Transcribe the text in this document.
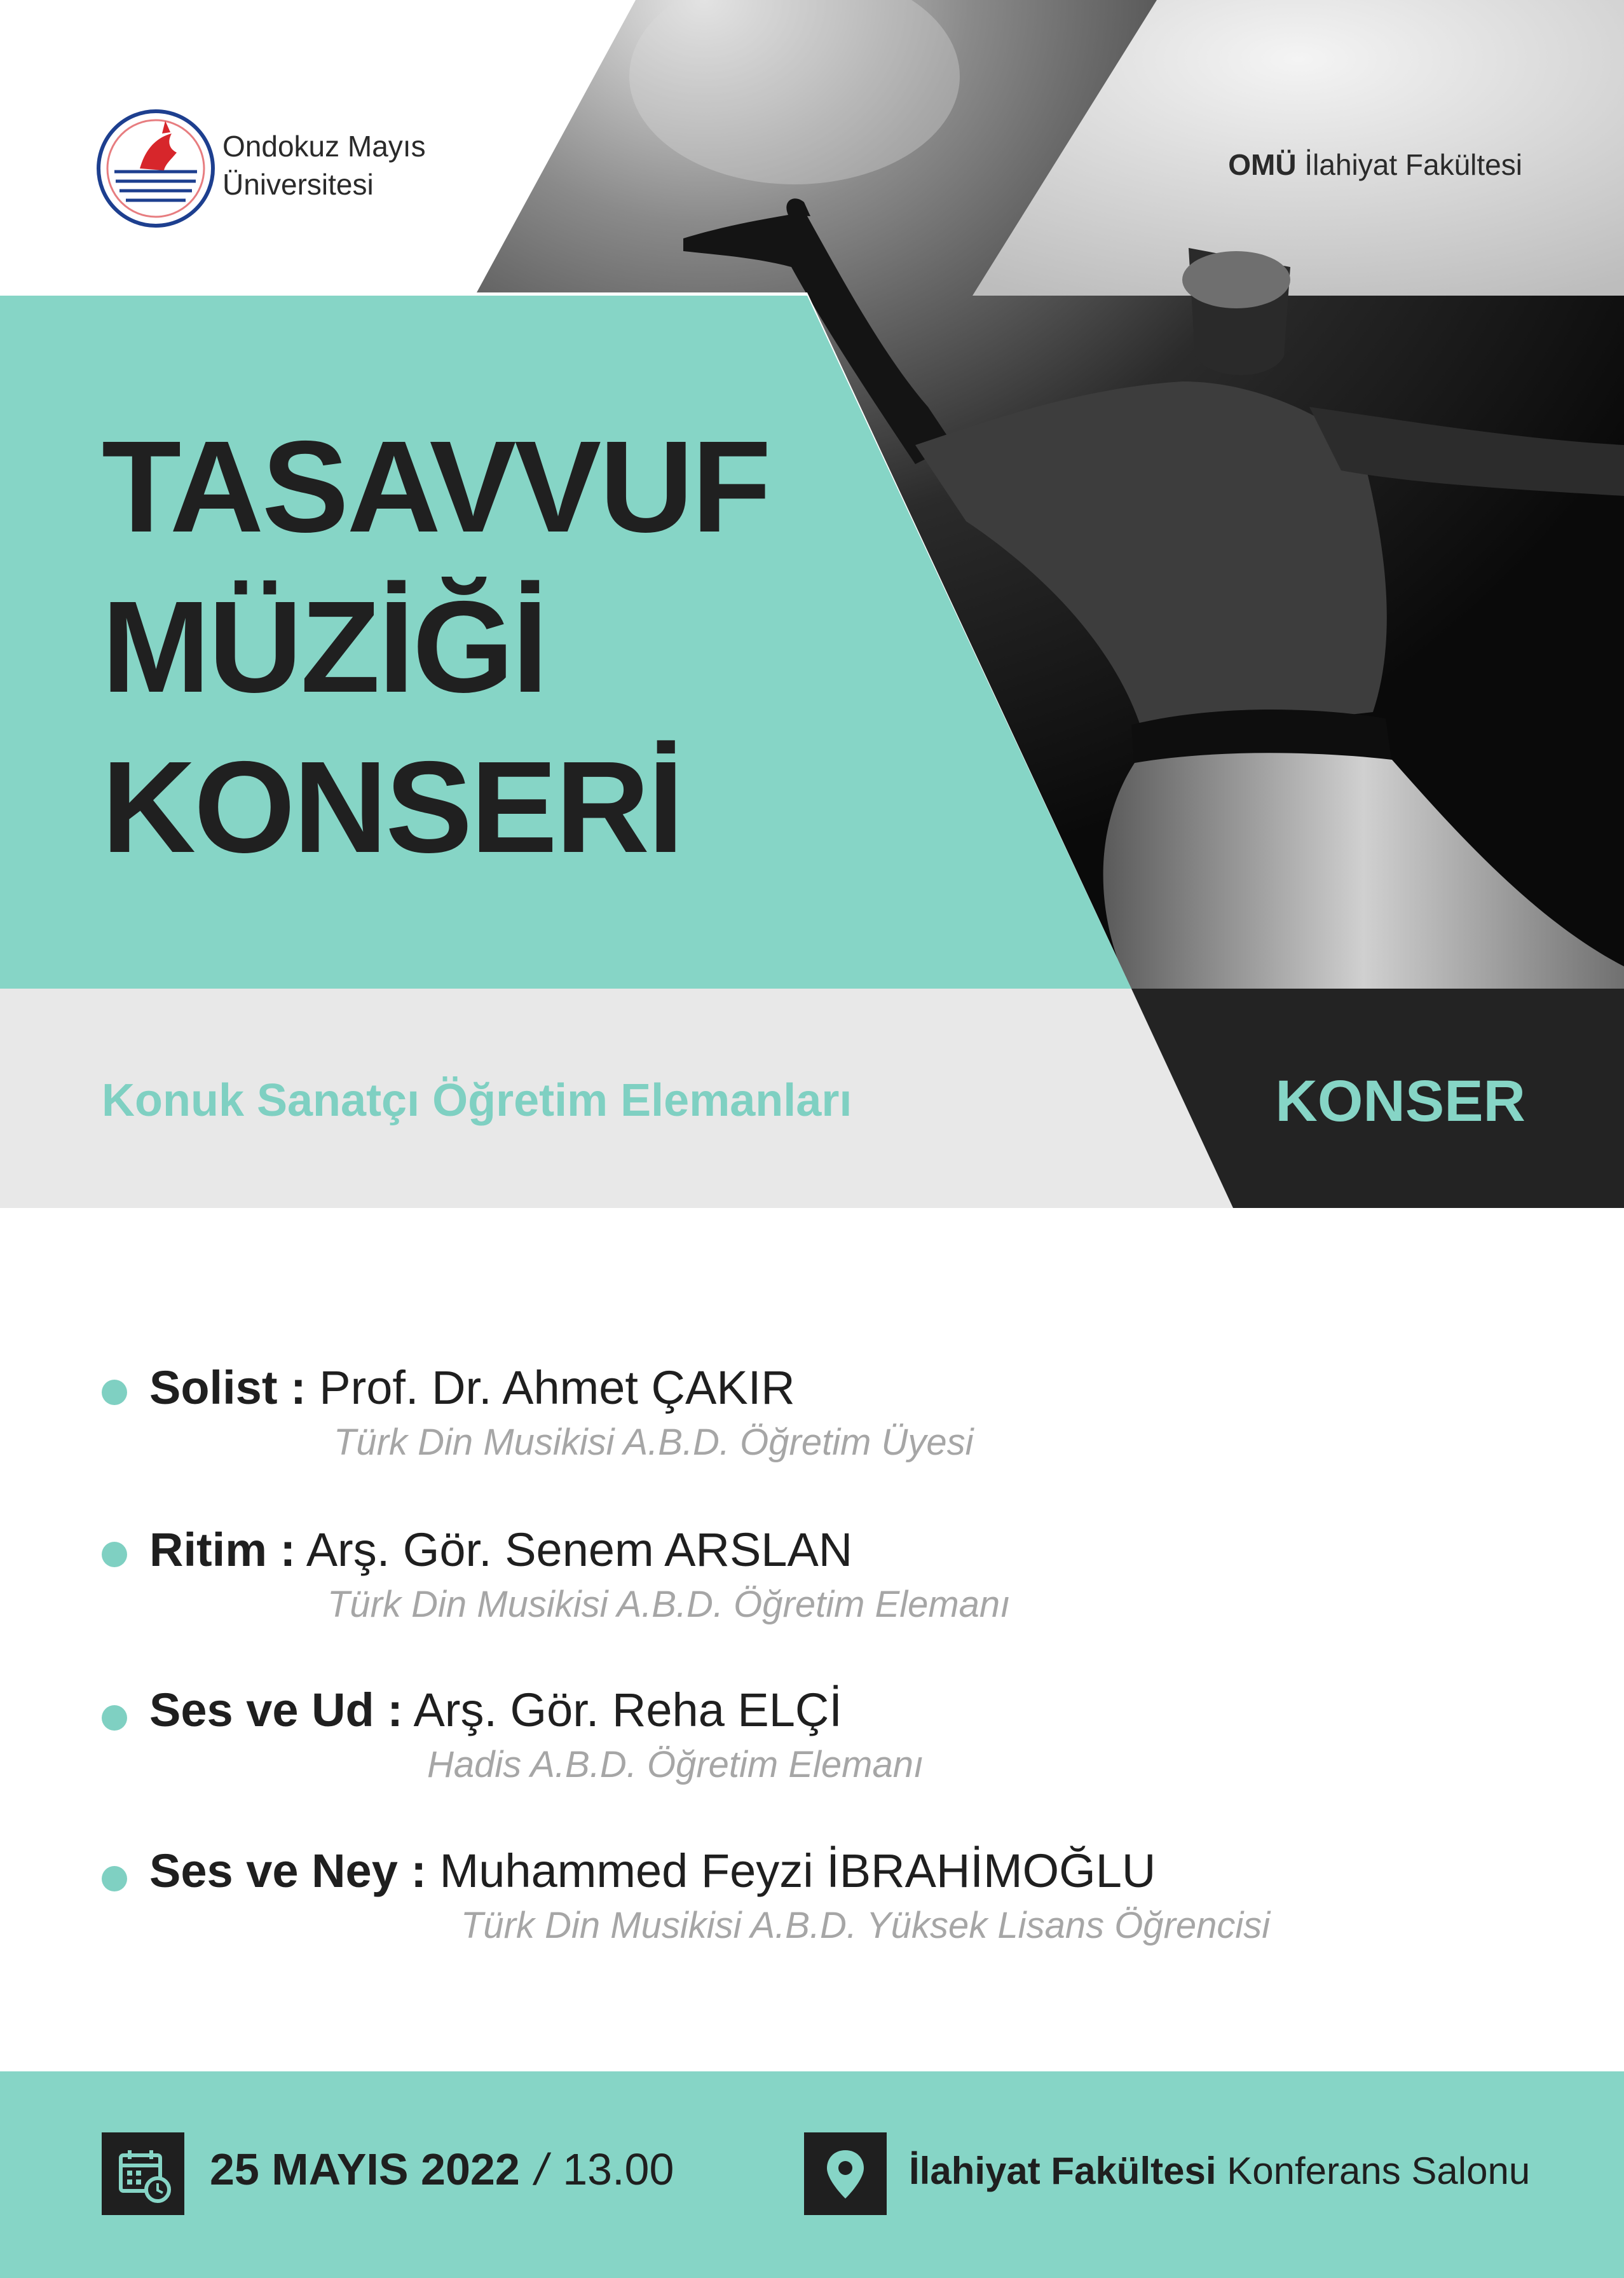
Ondokuz Mayıs
Üniversitesi
OMÜ İlahiyat Fakültesi
TASAVVUF
MÜZİĞİ
KONSERİ
Konuk Sanatçı Öğretim Elemanları	KONSER
Solist : Prof. Dr. Ahmet ÇAKIR
Türk Din Musikisi A.B.D. Öğretim Üyesi
Ritim : Arş. Gör. Senem ARSLAN
Türk Din Musikisi A.B.D. Öğretim Elemanı
Ses ve Ud : Arş. Gör. Reha ELÇİ
Hadis A.B.D. Öğretim Elemanı
Ses ve Ney : Muhammed Feyzi İBRAHİMOĞLU
Türk Din Musikisi A.B.D. Yüksek Lisans Öğrencisi
25 MAYIS 2022 / 13.00	İlahiyat Fakültesi Konferans Salonu
